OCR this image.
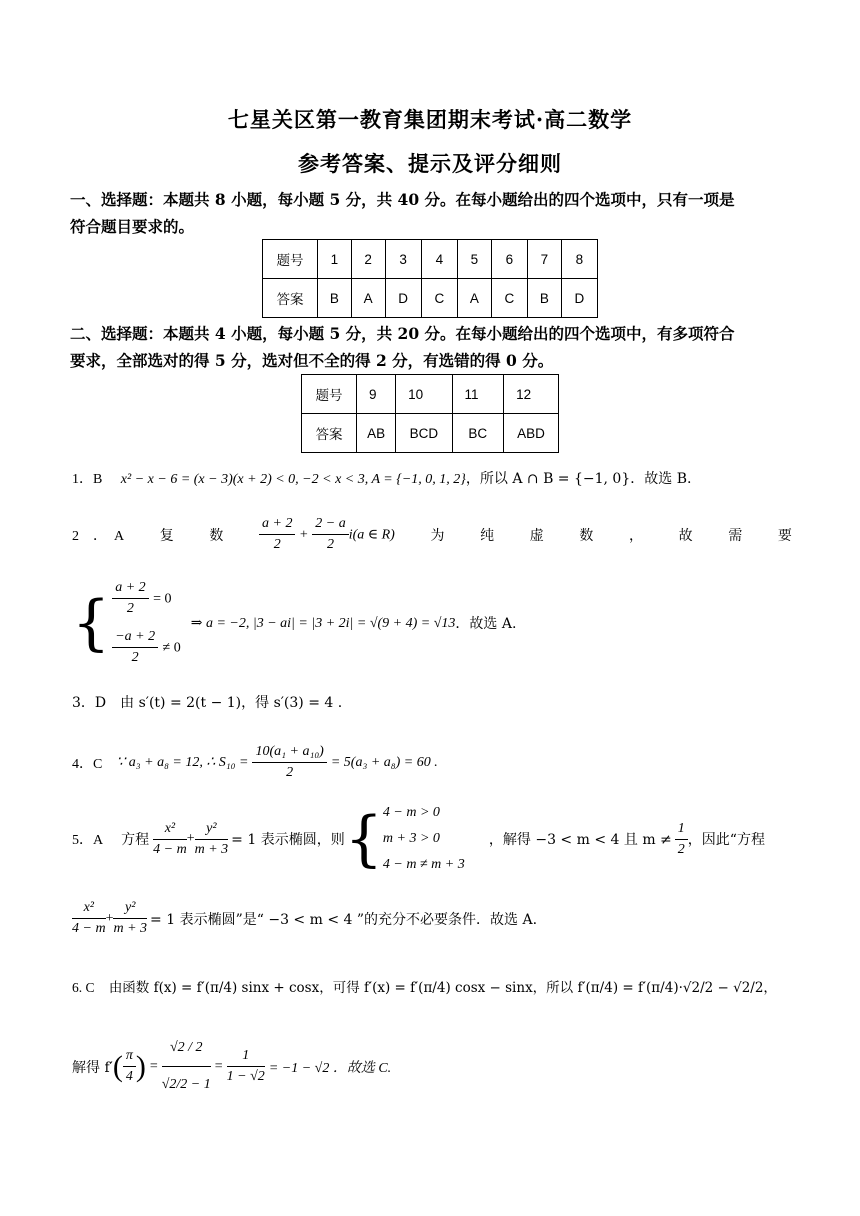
七星关区第一教育集团期末考试·高二数学
参考答案、提示及评分细则
一、选择题：本题共 8 小题，每小题 5 分，共 40 分。在每小题给出的四个选项中，只有一项是
符合题目要求的。
题号	1	2	3	4	5	6	7	8
答案	B	A	D	C	A	C	B	D
二、选择题：本题共 4 小题，每小题 5 分，共 20 分。在每小题给出的四个选项中，有多项符合
要求，全部选对的得 5 分，选对但不全的得 2 分，有选错的得 0 分。
题号	9	10	11	12
答案	AB	BCD	BC	ABD
1．B x² − x − 6 = (x − 3)(x + 2) < 0, −2 < x < 3, A = {−1, 0, 1, 2}，所以 A ∩ B = {−1, 0}．故选 B.
2　．　A	复	数	$\frac{a + 2}{2} + \frac{2 - a}{2} i(a$ ∈ R)	为	纯	虚	数	，	故	需	要
{ $\frac{a + 2}{2} = 0$
$\frac{-a + 2}{2} \ne 0$
⇒ a = −2, |3 − ai| = |3 + 2i| = √(9 + 4) = √13 ．故选 A.
3．D　由 s′(t) = 2(t − 1)，得 s′(3) = 4 .
4．C ∵ a₃ + a₈ = 12, ∴ $S_{10} = \frac{\text{10(a₁ + a₁₀)}}{2} = 5(a_3 + a_8) = 60$ .
5．A 方程 $\frac{\text{x²}}{4 - m} + \frac{\text{y²}}{m + 3} = 1$ 表示椭圆，则 { 4 − m > 0
m + 3 > 0
4 − m ≠ m + 3
，解得 −3 < m < 4 且 $m \ne \frac{1}{2}$ ，因此“方程
$\frac{\text{x²}}{4 - m} + \frac{\text{y²}}{m + 3} = 1$ 表示椭圆”是“ −3 < m < 4 ”的充分不必要条件．故选 A.
6. C 由函数 f(x) = f′(π/4) sinx + cosx，可得 f′(x) = f′(π/4) cosx − sinx，所以 f′(π/4) = f′(π/4)·√2/2 − √2/2，
解得 f′ ( $\frac{\pi}{4}$ ) = $\frac{√2 / 2}{√2/2 - 1} = \frac{1}{1 - √2} = -1 - √2$ ．故选 C.
